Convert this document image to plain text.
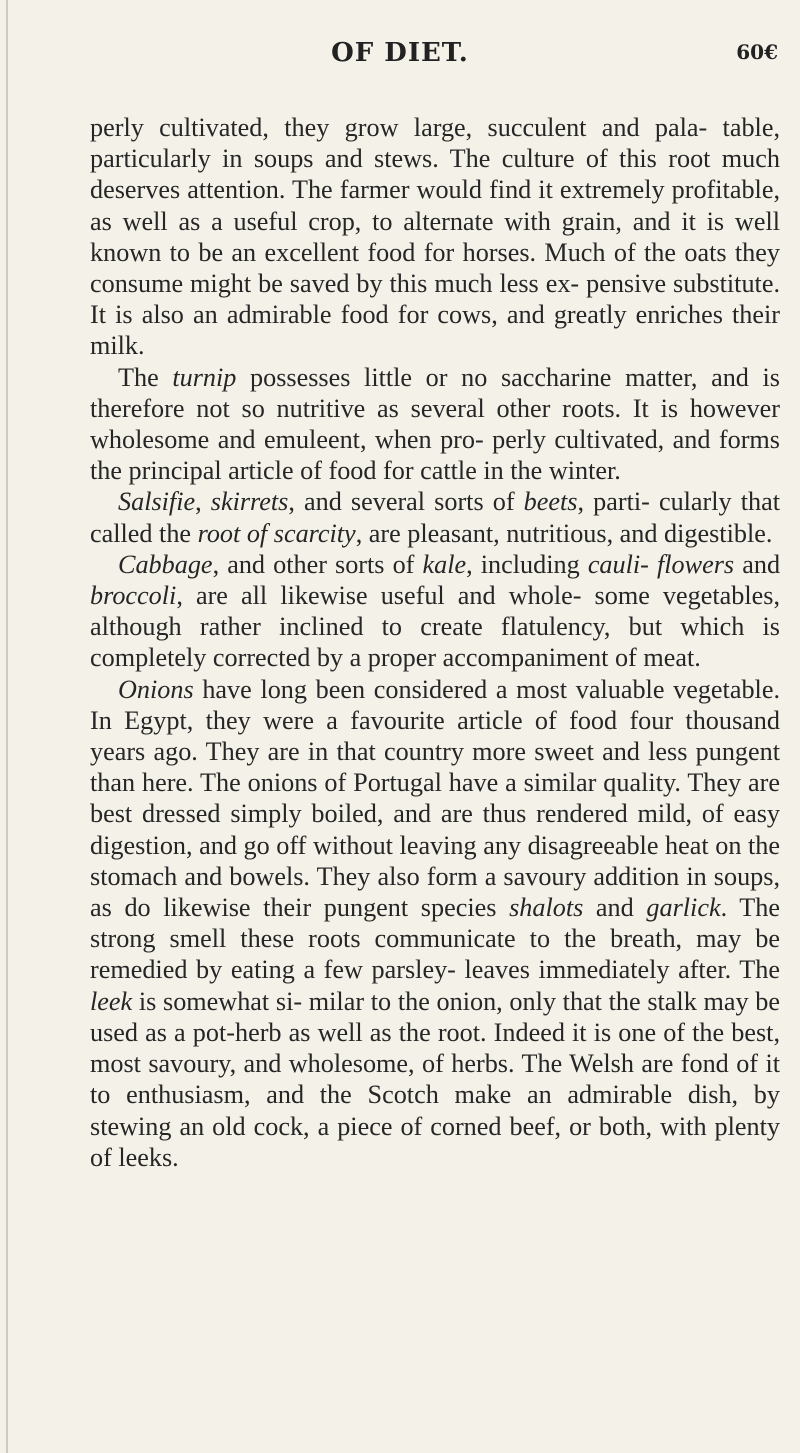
OF DIET.	60€

perly cultivated, they grow large, succulent and pala- table, particularly in soups and stews. The culture of this root much deserves attention. The farmer would find it extremely profitable, as well as a useful crop, to alternate with grain, and it is well known to be an excellent food for horses. Much of the oats they consume might be saved by this much less ex- pensive substitute. It is also an admirable food for cows, and greatly enriches their milk.

The turnip possesses little or no saccharine matter, and is therefore not so nutritive as several other roots. It is however wholesome and emuleent, when pro- perly cultivated, and forms the principal article of food for cattle in the winter.

Salsifie, skirrets, and several sorts of beets, parti- cularly that called the root of scarcity, are pleasant, nutritious, and digestible.

Cabbage, and other sorts of kale, including cauli- flowers and broccoli, are all likewise useful and whole- some vegetables, although rather inclined to create flatulency, but which is completely corrected by a proper accompaniment of meat.

Onions have long been considered a most valuable vegetable. In Egypt, they were a favourite article of food four thousand years ago. They are in that country more sweet and less pungent than here. The onions of Portugal have a similar quality. They are best dressed simply boiled, and are thus rendered mild, of easy digestion, and go off without leaving any disagreeable heat on the stomach and bowels. They also form a savoury addition in soups, as do likewise their pungent species shalots and garlick. The strong smell these roots communicate to the breath, may be remedied by eating a few parsley- leaves immediately after. The leek is somewhat si- milar to the onion, only that the stalk may be used as a pot-herb as well as the root. Indeed it is one of the best, most savoury, and wholesome, of herbs. The Welsh are fond of it to enthusiasm, and the Scotch make an admirable dish, by stewing an old cock, a piece of corned beef, or both, with plenty of leeks.
